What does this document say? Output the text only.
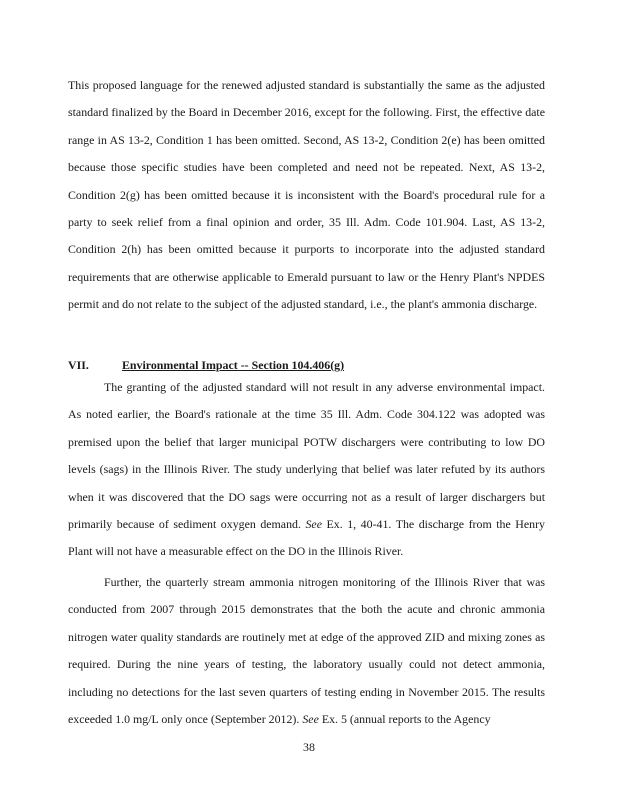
This proposed language for the renewed adjusted standard is substantially the same as the adjusted standard finalized by the Board in December 2016, except for the following. First, the effective date range in AS 13-2, Condition 1 has been omitted. Second, AS 13-2, Condition 2(e) has been omitted because those specific studies have been completed and need not be repeated. Next, AS 13-2, Condition 2(g) has been omitted because it is inconsistent with the Board's procedural rule for a party to seek relief from a final opinion and order, 35 Ill. Adm. Code 101.904. Last, AS 13-2, Condition 2(h) has been omitted because it purports to incorporate into the adjusted standard requirements that are otherwise applicable to Emerald pursuant to law or the Henry Plant's NPDES permit and do not relate to the subject of the adjusted standard, i.e., the plant's ammonia discharge.

VII.	Environmental Impact -- Section 104.406(g)

The granting of the adjusted standard will not result in any adverse environmental impact. As noted earlier, the Board's rationale at the time 35 Ill. Adm. Code 304.122 was adopted was premised upon the belief that larger municipal POTW dischargers were contributing to low DO levels (sags) in the Illinois River. The study underlying that belief was later refuted by its authors when it was discovered that the DO sags were occurring not as a result of larger dischargers but primarily because of sediment oxygen demand. See Ex. 1, 40-41. The discharge from the Henry Plant will not have a measurable effect on the DO in the Illinois River.

Further, the quarterly stream ammonia nitrogen monitoring of the Illinois River that was conducted from 2007 through 2015 demonstrates that the both the acute and chronic ammonia nitrogen water quality standards are routinely met at edge of the approved ZID and mixing zones as required. During the nine years of testing, the laboratory usually could not detect ammonia, including no detections for the last seven quarters of testing ending in November 2015. The results exceeded 1.0 mg/L only once (September 2012). See Ex. 5 (annual reports to the Agency

38
